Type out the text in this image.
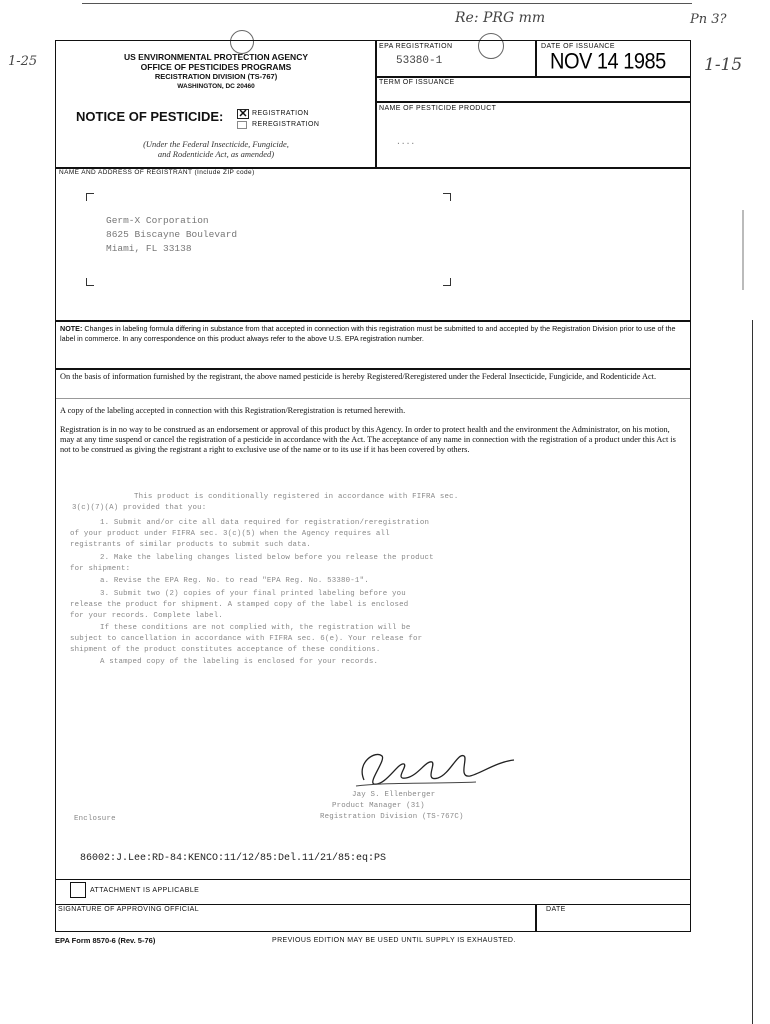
Re: PRG mm	Pn 3?
1-25	1-15
US ENVIRONMENTAL PROTECTION AGENCY
OFFICE OF PESTICIDES PROGRAMS
RECISTRATION DIVISION (TS-767)
WASHINGTON, DC 20460
NOTICE OF PESTICIDE: ✕ REGISTRATION
REREGISTRATION
(Under the Federal Insecticide, Fungicide,
and Rodenticide Act, as amended)
EPA REGISTRATION
53380-1
DATE OF ISSUANCE
NOV 14 1985
TERM OF ISSUANCE
NAME OF PESTICIDE PRODUCT
....
NAME AND ADDRESS OF REGISTRANT (Include ZIP code)
Germ-X Corporation
8625 Biscayne Boulevard
Miami, FL 33138
NOTE: Changes in labeling formula differing in substance from that accepted in connection with this registration must be submitted to and accepted by the Registration Division prior to use of the label in commerce. In any correspondence on this product always refer to the above U.S. EPA registration number.
On the basis of information furnished by the registrant, the above named pesticide is hereby Registered/Reregistered under the Federal Insecticide, Fungicide, and Rodenticide Act.
A copy of the labeling accepted in connection with this Registration/Reregistration is returned herewith.
Registration is in no way to be construed as an endorsement or approval of this product by this Agency. In order to protect health and the environment the Administrator, on his motion, may at any time suspend or cancel the registration of a pesticide in accordance with the Act. The acceptance of any name in connection with the registration of a product under this Act is not to be construed as giving the registrant a right to exclusive use of the name or to its use if it has been covered by others.
This product is conditionally registered in accordance with FIFRA sec.
3(c)(7)(A) provided that you:
1. Submit and/or cite all data required for registration/reregistration
of your product under FIFRA sec. 3(c)(5) when the Agency requires all
registrants of similar products to submit such data.
2. Make the labeling changes listed below before you release the product
for shipment:
a. Revise the EPA Reg. No. to read "EPA Reg. No. 53380-1".
3. Submit two (2) copies of your final printed labeling before you
release the product for shipment. A stamped copy of the label is enclosed
for your records. Complete label.
If these conditions are not complied with, the registration will be
subject to cancellation in accordance with FIFRA sec. 6(e). Your release for
shipment of the product constitutes acceptance of these conditions.
A stamped copy of the labeling is enclosed for your records.
Jay S. Ellenberger
Product Manager (31)
Registration Division (TS-767C)
Enclosure
86002:J.Lee:RD-84:KENCO:11/12/85:Del.11/21/85:eq:PS
ATTACHMENT IS APPLICABLE
SIGNATURE OF APPROVING OFFICIAL	DATE
EPA Form 8570-6 (Rev. 5-76)	PREVIOUS EDITION MAY BE USED UNTIL SUPPLY IS EXHAUSTED.
